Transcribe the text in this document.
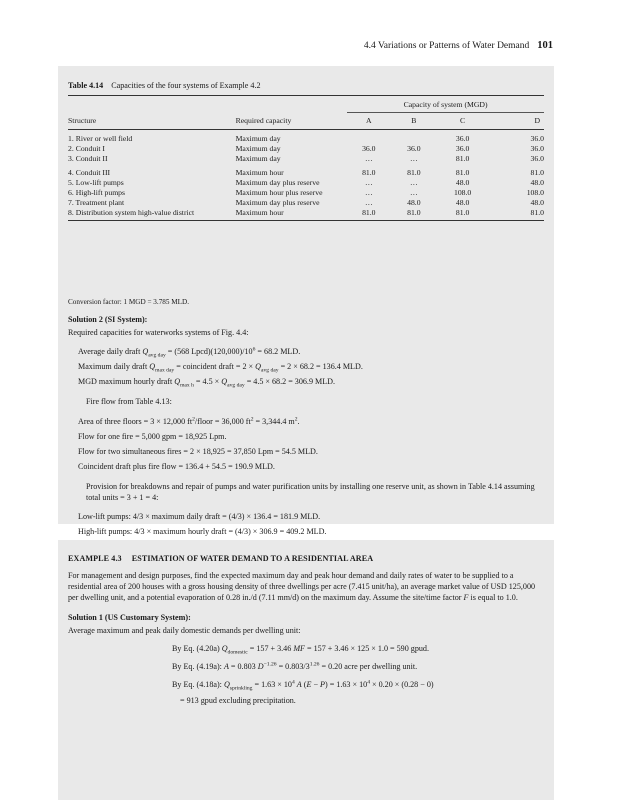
4.4 Variations or Patterns of Water Demand 101
Table 4.14 Capacities of the four systems of Example 4.2

		Capacity of system (MGD)			
Structure	Required capacity	A	B	C	D
1. River or well field	Maximum day			36.0	36.0
2. Conduit I	Maximum day	36.0	36.0	36.0	36.0
3. Conduit II	Maximum day	…	…	81.0	36.0
4. Conduit III	Maximum hour	81.0	81.0	81.0	81.0
5. Low-lift pumps	Maximum day plus reserve	…	…	48.0	48.0
6. High-lift pumps	Maximum hour plus reserve	…	…	108.0	108.0
7. Treatment plant	Maximum day plus reserve	…	48.0	48.0	48.0
8. Distribution system high-value district	Maximum hour	81.0	81.0	81.0	81.0
Conversion factor: 1 MGD = 3.785 MLD.

Solution 2 (SI System):

Required capacities for waterworks systems of Fig. 4.4:

Average daily draft $Q_{avg day} = (568$ $Lpcd)(120,000)/10^6 = 68.2$ MLD.

Maximum daily draft $Q_{max day}$ = coincident draft = $2 \times Q_{avg day} = 2 \times 68.2 = 136.4$ MLD.

MGD maximum hourly draft $Q_{max h} = 4.5 \times Q_{avg day} = 4.5 \times 68.2 = 306.9$ MLD.

Fire flow from Table 4.13:

Area of three floors = 3 × 12,000 $ft^2$/floor = 36,000 $ft^2 = 3,344.4$ $m^2$.

Flow for one fire = 5,000 gpm = 18,925 Lpm.

Flow for two simultaneous fires = 2 × 18,925 = 37,850 Lpm = 54.5 MLD.

Coincident draft plus fire flow = 136.4 + 54.5 = 190.9 MLD.

Provision for breakdowns and repair of pumps and water purification units by installing one reserve unit, as shown in Table 4.14 assuming total units = 3 + 1 = 4:

Low-lift pumps: 4/3 × maximum daily draft = (4/3) × 136.4 = 181.9 MLD.

High-lift pumps: 4/3 × maximum hourly draft = (4/3) × 306.9 = 409.2 MLD.

EXAMPLE 4.3 ESTIMATION OF WATER DEMAND TO A RESIDENTIAL AREA

For management and design purposes, find the expected maximum day and peak hour demand and daily rates of water to be supplied to a residential area of 200 houses with a gross housing density of three dwellings per acre (7.415 unit/ha), an average market value of USD 125,000 per dwelling unit, and a potential evaporation of 0.28 in./d (7.11 mm/d) on the maximum day. Assume the site/time factor F is equal to 1.0.

Solution 1 (US Customary System):

Average maximum and peak daily domestic demands per dwelling unit:

By Eq. (4.20a) $Q_{domestic} = 157 + 3.46$ MF = 157 + 3.46 × 125 × 1.0 = 590 gpud.

By Eq. (4.19a): A = 0.803 $D^{-1.26} = 0.803/3^{1.26} = 0.20$ acre per dwelling unit.

By Eq. (4.18a): $Q_{sprinkling} = 1.63 \times 10^4$ A $(E - P) = 1.63 \times 10^4 \times 0.20 \times (0.28 - 0)$

= 913 gpud excluding precipitation.
